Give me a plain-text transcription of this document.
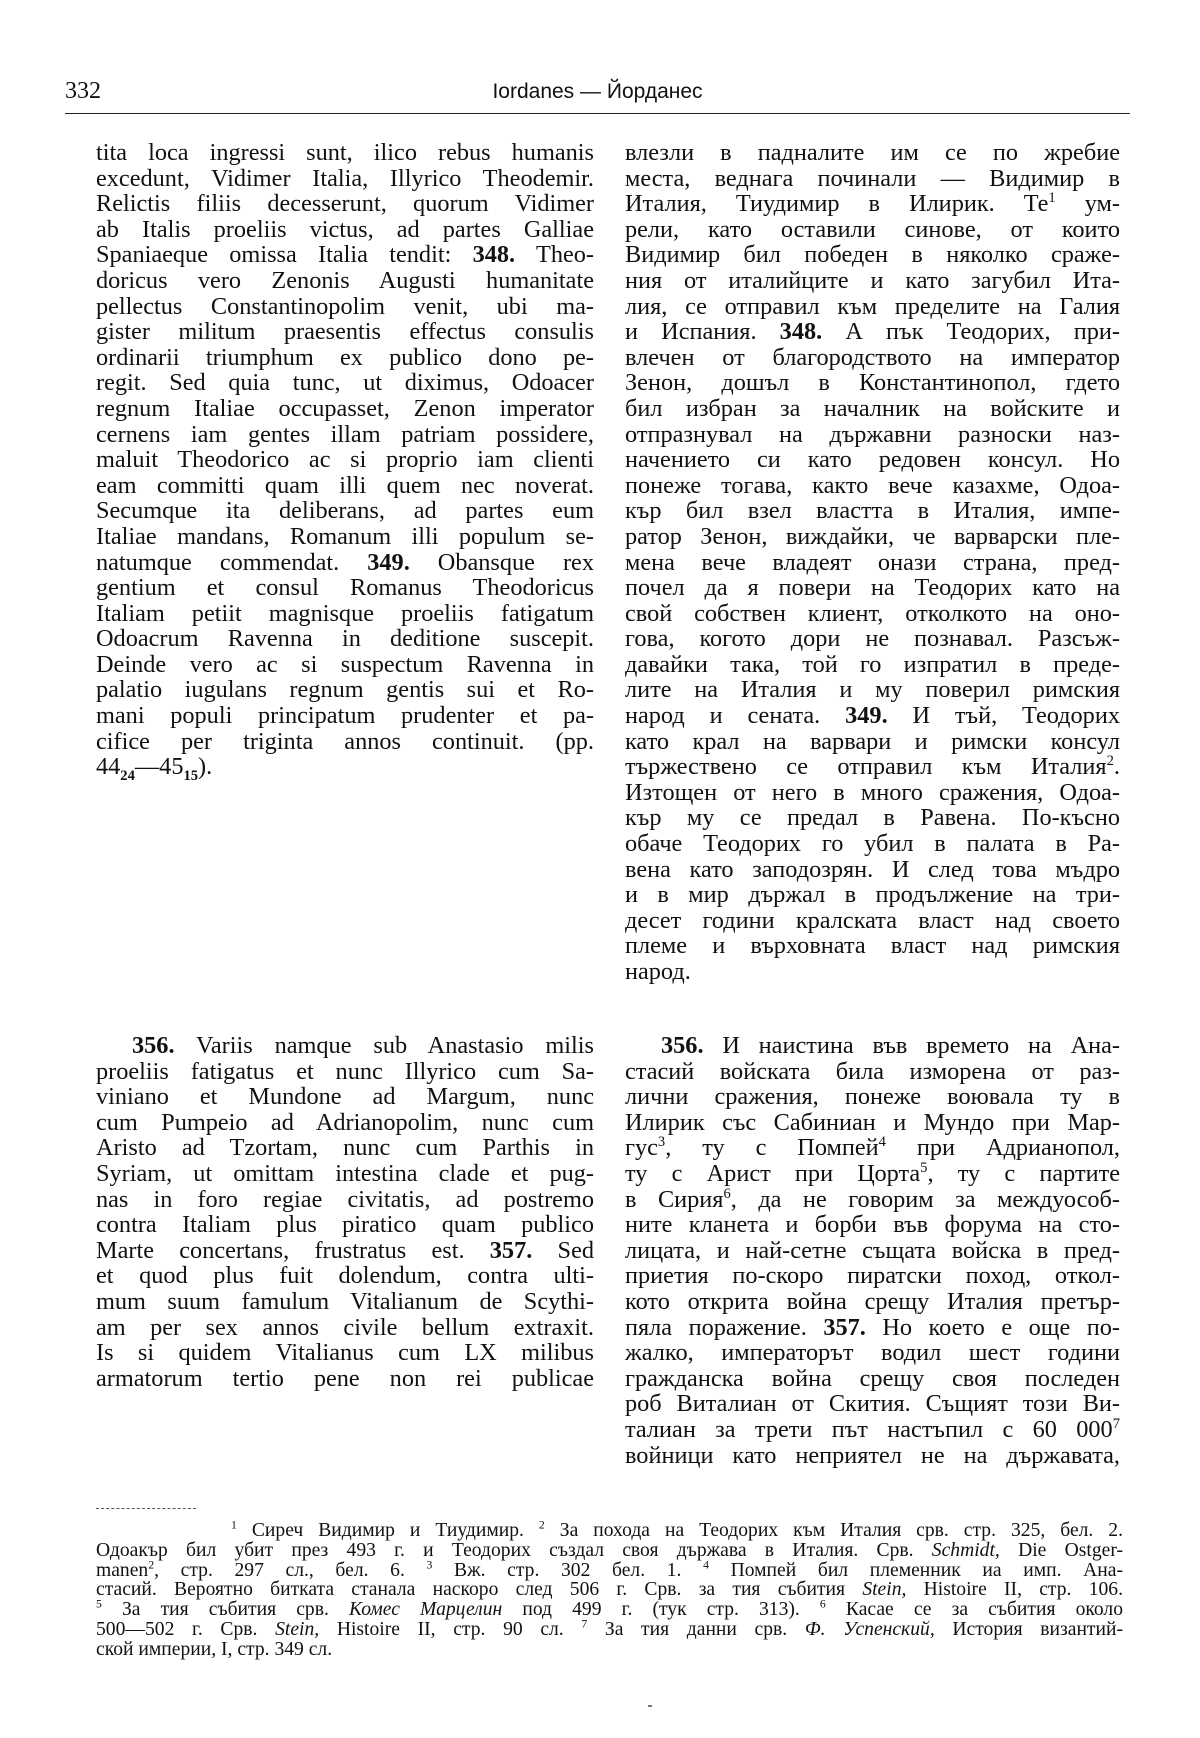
332	Iordanes — Йорданес
tita loca ingressi sunt, ilico rebus humanis
excedunt, Vidimer Italia, Illyrico Theodemir.
Relictis filiis decesserunt, quorum Vidimer
ab Italis proeliis victus, ad partes Galliae
Spaniaeque omissa Italia tendit: 348. Theo-
doricus vero Zenonis Augusti humanitate
pellectus Constantinopolim venit, ubi ma-
gister militum praesentis effectus consulis
ordinarii triumphum ex publico dono pe-
regit. Sed quia tunc, ut diximus, Odoacer
regnum Italiae occupasset, Zenon imperator
cernens iam gentes illam patriam possidere,
maluit Theodorico ac si proprio iam clienti
eam committi quam illi quem nec noverat.
Secumque ita deliberans, ad partes eum
Italiae mandans, Romanum illi populum se-
natumque commendat. 349. Obansque rex
gentium et consul Romanus Theodoricus
Italiam petiit magnisque proeliis fatigatum
Odoacrum Ravenna in deditione suscepit.
Deinde vero ac si suspectum Ravenna in
palatio iugulans regnum gentis sui et Ro-
mani populi principatum prudenter et pa-
cifice per triginta annos continuit. (pp.
$44_{24}—45_{15}$).
356. Variis namque sub Anastasio milis
proeliis fatigatus et nunc Illyrico cum Sa-
viniano et Mundone ad Margum, nunc
cum Pumpeio ad Adrianopolim, nunc cum
Aristo ad Tzortam, nunc cum Parthis in
Syriam, ut omittam intestina clade et pug-
nas in foro regiae civitatis, ad postremo
contra Italiam plus piratico quam publico
Marte concertans, frustratus est. 357. Sed
et quod plus fuit dolendum, contra ulti-
mum suum famulum Vitalianum de Scythi-
am per sex annos civile bellum extraxit.
Is si quidem Vitalianus cum LX milibus
armatorum tertio pene non rei publicae
влезли в падналите им се по жребие
места, веднага починали — Видимир в
Италия, Тиудимир в Илирик. $Те^1$ ум-
рели, като оставили синове, от които
Видимир бил победен в няколко сраже-
ния от италийците и като загубил Ита-
лия, се отправил към пределите на Галия
и Испания. 348. А пък Теодорих, при-
влечен от благородството на император
Зенон, дошъл в Константинопол, гдето
бил избран за началник на войските и
отпразнувал на държавни разноски наз-
начението си като редовен консул. Но
понеже тогава, както вече казахме, Одоа-
кър бил взел властта в Италия, импе-
ратор Зенон, виждайки, че варварски пле-
мена вече владеят онази страна, пред-
почел да я повери на Теодорих като на
свой собствен клиент, отколкото на оно-
гова, когото дори не познавал. Разсъж-
давайки така, той го изпратил в преде-
лите на Италия и му поверил римския
народ и сената. 349. И тъй, Теодорих
като крал на варвари и римски консул
тържествено се отправил към Италия$^2$.
Изтощен от него в много сражения, Одоа-
кър му се предал в Равена. По-късно
обаче Теодорих го убил в палата в Ра-
вена като заподозрян. И след това мъдро
и в мир държал в продължение на три-
десет години кралската власт над своето
племе и върховната власт над римския
народ.
356. И наистина във времето на Ана-
стасий войската била изморена от раз-
лични сражения, понеже воювала ту в
Илирик със Сабиниан и Мундо при Мар-
гус$^3$, ту с Помпей$^4$ при Адрианопол,
ту с Арист при Цорта$^5$, ту с партите
в Сирия$^6$, да не говорим за междуособ-
ните кланета и борби във форума на сто-
лицата, и най-сетне същата войска в пред-
приетия по-скоро пиратски поход, откол-
кото открита война срещу Италия претър-
пяла поражение. 357. Но което е още по-
жалко, императорът водил шест години
гражданска война срещу своя последен
роб Виталиан от Скития. Същият този Ви-
талиан за трети път настъпил с 60 $000^7$
войници като неприятел не на държавата,
$^1$ Сиреч Видимир и Тиудимир. $^2$ За похода на Теодорих към Италия срв. стр. 325, бел. 2.
Одоакър бил убит през 493 г. и Теодорих създал своя държава в Италия. Срв. Schmidt, Die Ostger-
manen$^2$, стр. 297 сл., бел. 6. $^3$ Вж. стр. 302 бел. 1. $^4$ Помпей бил племенник иа имп. Ана-
стасий. Вероятно битката станала наскоро след 506 г. Срв. за тия събития Stein, Histoire II, стр. 106.
$^5$ За тия събития срв. Комес Марцелин под 499 г. (тук стр. 313). $^6$ Касае се за събития около
500—502 г. Срв. Stein, Histoire II, стр. 90 сл. $^7$ За тия данни срв. Ф. Успенский, История византий-
ской империи, I, стр. 349 сл.
